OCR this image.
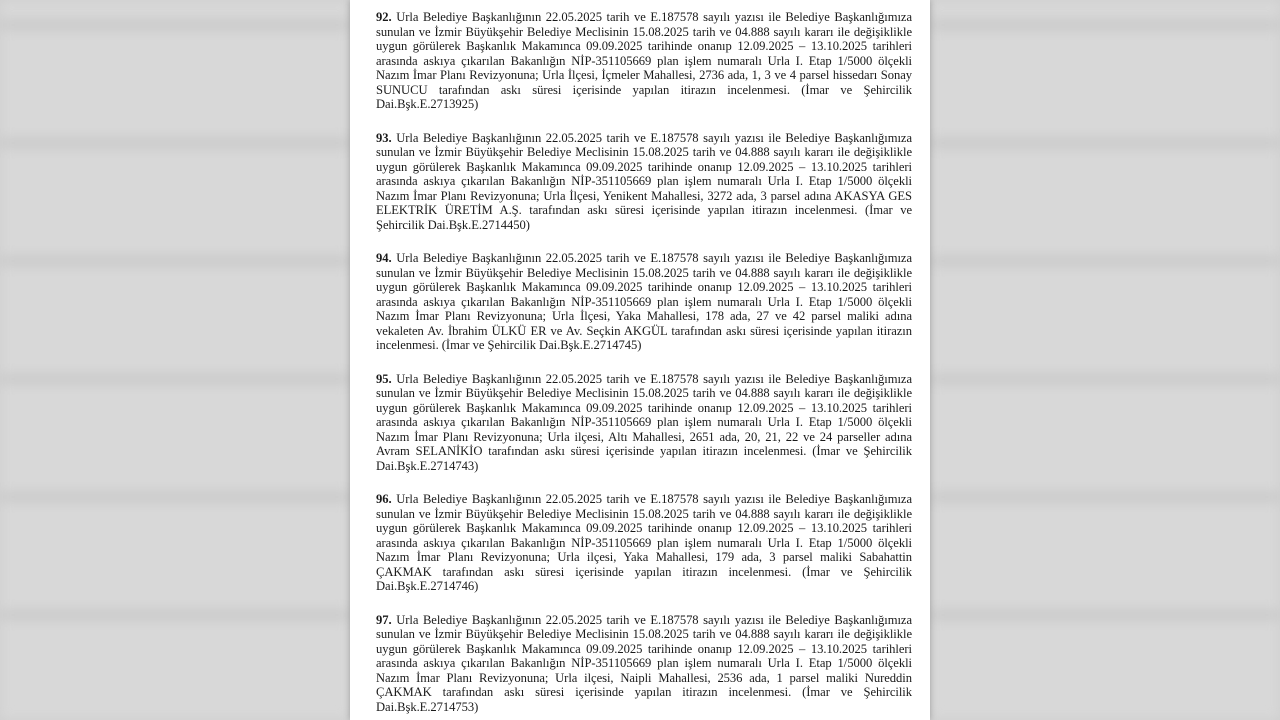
92. Urla Belediye Başkanlığının 22.05.2025 tarih ve E.187578 sayılı yazısı ile Belediye Başkanlığımıza sunulan ve İzmir Büyükşehir Belediye Meclisinin 15.08.2025 tarih ve 04.888 sayılı kararı ile değişiklikle uygun görülerek Başkanlık Makamınca 09.09.2025 tarihinde onanıp 12.09.2025 – 13.10.2025 tarihleri arasında askıya çıkarılan Bakanlığın NİP-351105669 plan işlem numaralı Urla I. Etap 1/5000 ölçekli Nazım İmar Planı Revizyonuna; Urla İlçesi, İçmeler Mahallesi, 2736 ada, 1, 3 ve 4 parsel hissedarı Sonay SUNUCU tarafından askı süresi içerisinde yapılan itirazın incelenmesi. (İmar ve Şehircilik Dai.Bşk.E.2713925)

93. Urla Belediye Başkanlığının 22.05.2025 tarih ve E.187578 sayılı yazısı ile Belediye Başkanlığımıza sunulan ve İzmir Büyükşehir Belediye Meclisinin 15.08.2025 tarih ve 04.888 sayılı kararı ile değişiklikle uygun görülerek Başkanlık Makamınca 09.09.2025 tarihinde onanıp 12.09.2025 – 13.10.2025 tarihleri arasında askıya çıkarılan Bakanlığın NİP-351105669 plan işlem numaralı Urla I. Etap 1/5000 ölçekli Nazım İmar Planı Revizyonuna; Urla İlçesi, Yenikent Mahallesi, 3272 ada, 3 parsel adına AKASYA GES ELEKTRİK ÜRETİM A.Ş. tarafından askı süresi içerisinde yapılan itirazın incelenmesi. (İmar ve Şehircilik Dai.Bşk.E.2714450)

94. Urla Belediye Başkanlığının 22.05.2025 tarih ve E.187578 sayılı yazısı ile Belediye Başkanlığımıza sunulan ve İzmir Büyükşehir Belediye Meclisinin 15.08.2025 tarih ve 04.888 sayılı kararı ile değişiklikle uygun görülerek Başkanlık Makamınca 09.09.2025 tarihinde onanıp 12.09.2025 – 13.10.2025 tarihleri arasında askıya çıkarılan Bakanlığın NİP-351105669 plan işlem numaralı Urla I. Etap 1/5000 ölçekli Nazım İmar Planı Revizyonuna; Urla İlçesi, Yaka Mahallesi, 178 ada, 27 ve 42 parsel maliki adına vekaleten Av. İbrahim ÜLKÜ ER ve Av. Seçkin AKGÜL tarafından askı süresi içerisinde yapılan itirazın incelenmesi. (İmar ve Şehircilik Dai.Bşk.E.2714745)

95. Urla Belediye Başkanlığının 22.05.2025 tarih ve E.187578 sayılı yazısı ile Belediye Başkanlığımıza sunulan ve İzmir Büyükşehir Belediye Meclisinin 15.08.2025 tarih ve 04.888 sayılı kararı ile değişiklikle uygun görülerek Başkanlık Makamınca 09.09.2025 tarihinde onanıp 12.09.2025 – 13.10.2025 tarihleri arasında askıya çıkarılan Bakanlığın NİP-351105669 plan işlem numaralı Urla I. Etap 1/5000 ölçekli Nazım İmar Planı Revizyonuna; Urla ilçesi, Altı Mahallesi, 2651 ada, 20, 21, 22 ve 24 parseller adına Avram SELANİKİO tarafından askı süresi içerisinde yapılan itirazın incelenmesi. (İmar ve Şehircilik Dai.Bşk.E.2714743)

96. Urla Belediye Başkanlığının 22.05.2025 tarih ve E.187578 sayılı yazısı ile Belediye Başkanlığımıza sunulan ve İzmir Büyükşehir Belediye Meclisinin 15.08.2025 tarih ve 04.888 sayılı kararı ile değişiklikle uygun görülerek Başkanlık Makamınca 09.09.2025 tarihinde onanıp 12.09.2025 – 13.10.2025 tarihleri arasında askıya çıkarılan Bakanlığın NİP-351105669 plan işlem numaralı Urla I. Etap 1/5000 ölçekli Nazım İmar Planı Revizyonuna; Urla ilçesi, Yaka Mahallesi, 179 ada, 3 parsel maliki Sabahattin ÇAKMAK tarafından askı süresi içerisinde yapılan itirazın incelenmesi. (İmar ve Şehircilik Dai.Bşk.E.2714746)

97. Urla Belediye Başkanlığının 22.05.2025 tarih ve E.187578 sayılı yazısı ile Belediye Başkanlığımıza sunulan ve İzmir Büyükşehir Belediye Meclisinin 15.08.2025 tarih ve 04.888 sayılı kararı ile değişiklikle uygun görülerek Başkanlık Makamınca 09.09.2025 tarihinde onanıp 12.09.2025 – 13.10.2025 tarihleri arasında askıya çıkarılan Bakanlığın NİP-351105669 plan işlem numaralı Urla I. Etap 1/5000 ölçekli Nazım İmar Planı Revizyonuna; Urla ilçesi, Naipli Mahallesi, 2536 ada, 1 parsel maliki Nureddin ÇAKMAK tarafından askı süresi içerisinde yapılan itirazın incelenmesi. (İmar ve Şehircilik Dai.Bşk.E.2714753)
